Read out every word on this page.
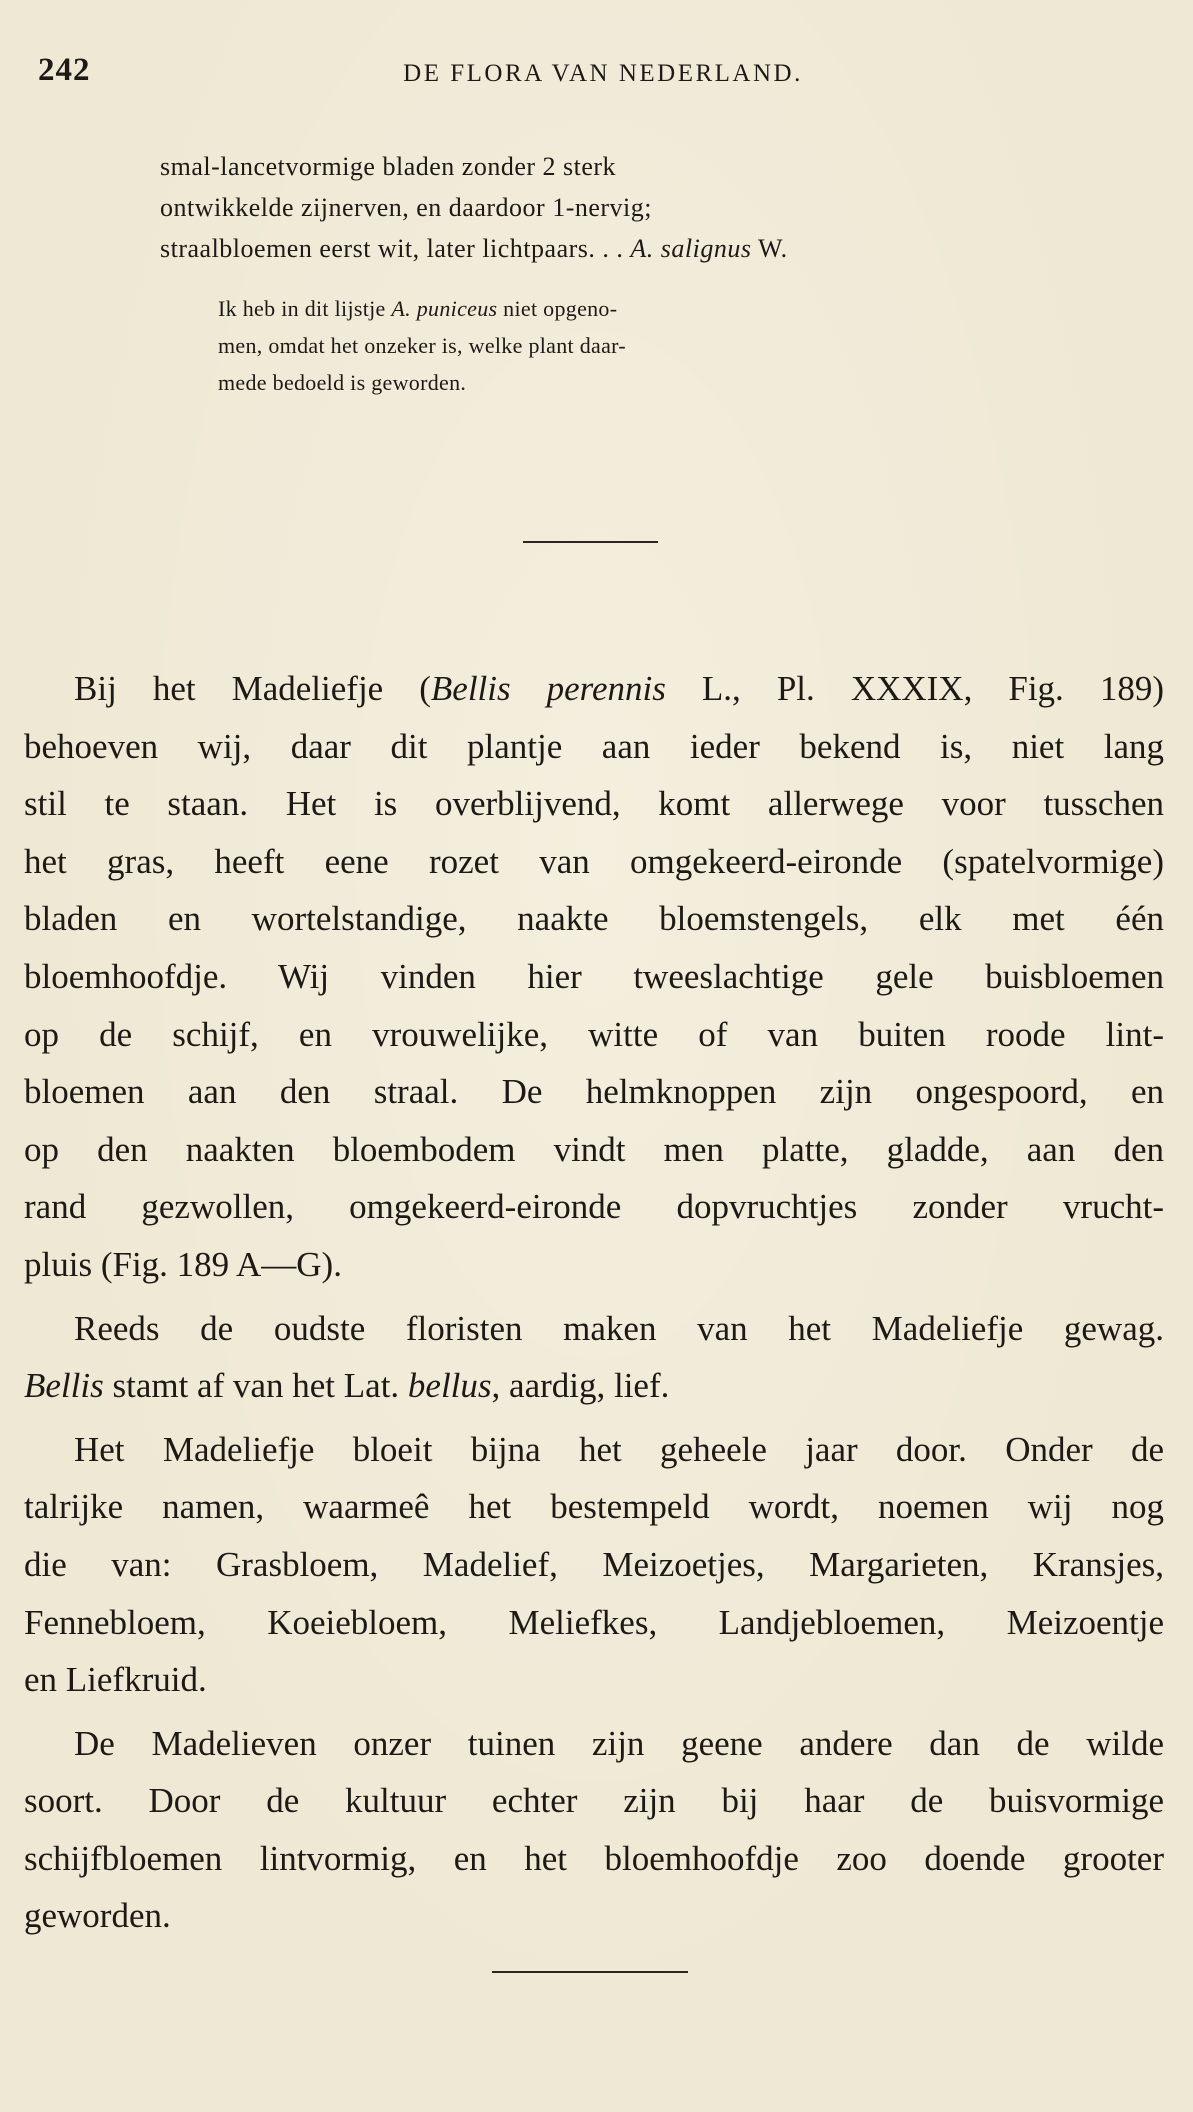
242	DE FLORA VAN NEDERLAND.
smal-lancetvormige bladen zonder 2 sterk
ontwikkelde zijnerven, en daardoor 1-nervig;
straalbloemen eerst wit, later lichtpaars. . . A. salignus W.
Ik heb in dit lijstje A. puniceus niet opgeno-
men, omdat het onzeker is, welke plant daar-
mede bedoeld is geworden.
Bij het Madeliefje (Bellis perennis L., Pl. XXXIX, Fig. 189)
behoeven wij, daar dit plantje aan ieder bekend is, niet lang
stil te staan. Het is overblijvend, komt allerwege voor tusschen
het gras, heeft eene rozet van omgekeerd-eironde (spatelvormige)
bladen en wortelstandige, naakte bloemstengels, elk met één
bloemhoofdje. Wij vinden hier tweeslachtige gele buisbloemen
op de schijf, en vrouwelijke, witte of van buiten roode lint-
bloemen aan den straal. De helmknoppen zijn ongespoord, en
op den naakten bloembodem vindt men platte, gladde, aan den
rand gezwollen, omgekeerd-eironde dopvruchtjes zonder vrucht-
pluis (Fig. 189 A—G).
Reeds de oudste floristen maken van het Madeliefje gewag.
Bellis stamt af van het Lat. bellus, aardig, lief.
Het Madeliefje bloeit bijna het geheele jaar door. Onder de
talrijke namen, waarmeê het bestempeld wordt, noemen wij nog
die van: Grasbloem, Madelief, Meizoetjes, Margarieten, Kransjes,
Fennebloem, Koeiebloem, Meliefkes, Landjebloemen, Meizoentje
en Liefkruid.
De Madelieven onzer tuinen zijn geene andere dan de wilde
soort. Door de kultuur echter zijn bij haar de buisvormige
schijfbloemen lintvormig, en het bloemhoofdje zoo doende grooter
geworden.
